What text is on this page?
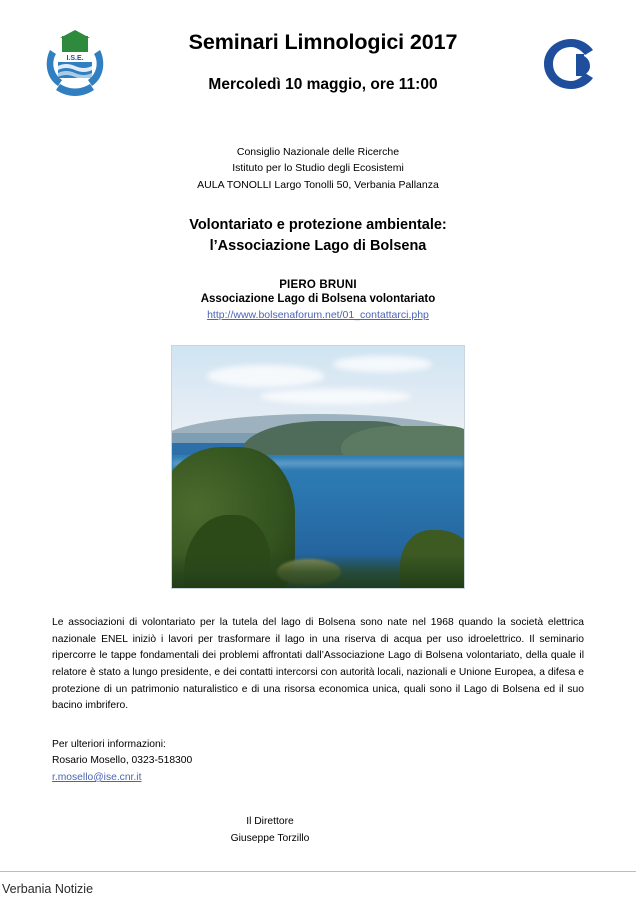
I.S.E.
Seminari Limnologici 2017
Mercoledì 10 maggio, ore 11:00
Consiglio Nazionale delle Ricerche
Istituto per lo Studio degli Ecosistemi
AULA TONOLLI Largo Tonolli 50, Verbania Pallanza
Volontariato e protezione ambientale:
l’Associazione Lago di Bolsena
PIERO BRUNI
Associazione Lago di Bolsena volontariato
http://www.bolsenaforum.net/01_contattarci.php
Le associazioni di volontariato per la tutela del lago di Bolsena sono nate nel 1968 quando la società elettrica nazionale ENEL iniziò i lavori per trasformare il lago in una riserva di acqua per uso idroelettrico. Il seminario ripercorre le tappe fondamentali dei problemi affrontati dall’Associazione Lago di Bolsena volontariato, della quale il relatore è stato a lungo presidente, e dei contatti intercorsi con autorità locali, nazionali e Unione Europea, a difesa e protezione di un patrimonio naturalistico e di una risorsa economica unica, quali sono il Lago di Bolsena ed il suo bacino imbrifero.
Per ulteriori informazioni:
Rosario Mosello, 0323-518300
r.mosello@ise.cnr.it
Il Direttore
Giuseppe Torzillo
Verbania Notizie
